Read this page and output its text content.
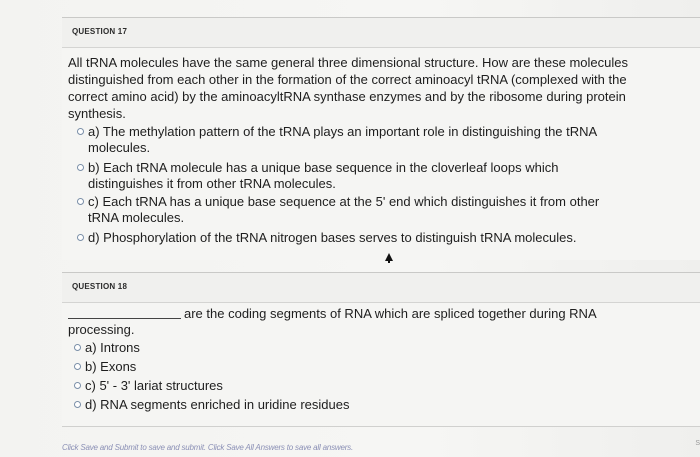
QUESTION 17
All tRNA molecules have the same general three dimensional structure. How are these molecules distinguished from each other in the formation of the correct aminoacyl tRNA (complexed with the correct amino acid) by the aminoacyltRNA synthase enzymes and by the ribosome during protein synthesis.
a) The methylation pattern of the tRNA plays an important role in distinguishing the tRNA
molecules.
b) Each tRNA molecule has a unique base sequence in the cloverleaf loops which
distinguishes it from other tRNA molecules.
c) Each tRNA has a unique base sequence at the 5' end which distinguishes it from other
tRNA molecules.
d) Phosphorylation of the tRNA nitrogen bases serves to distinguish tRNA molecules.
QUESTION 18
are the coding segments of RNA which are spliced together during RNA
processing.
a) Introns
b) Exons
c) 5' - 3' lariat structures
d) RNA segments enriched in uridine residues
Click Save and Submit to save and submit. Click Save All Answers to save all answers.	S
